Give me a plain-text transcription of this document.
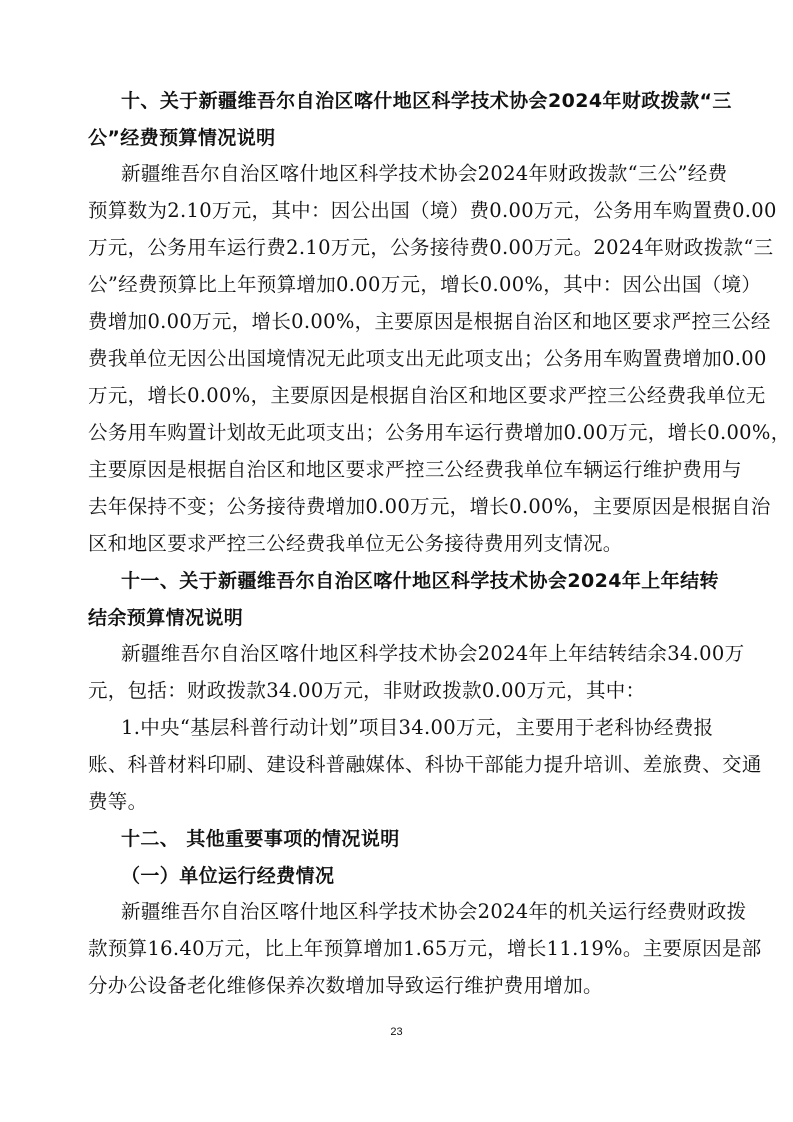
十 、 关 于 新 疆 维 吾 尔 自 治 区 喀 什 地 区 科 学 技 术 协 会 2 0 2 4 年 财 政 拨 款 “ 三
公”经费预算情况说明
新 疆 维 吾 尔 自 治 区 喀 什 地 区 科 学 技 术 协 会 2 0 2 4 年 财 政 拨 款 “ 三 公 ” 经 费
预 算 数 为 2 . 1 0 万 元 ， 其 中 ： 因 公 出 国 （ 境 ） 费 0 . 0 0 万 元 ， 公 务 用 车 购 置 费 0 . 0 0
万 元 ， 公 务 用 车 运 行 费 2 . 1 0 万 元 ， 公 务 接 待 费 0 . 0 0 万 元 。 2 0 2 4 年 财 政 拨 款 “ 三
公 ” 经 费 预 算 比 上 年 预 算 增 加 0 . 0 0 万 元 ， 增 长 0 . 0 0 % ， 其 中 ： 因 公 出 国 （ 境 ）
费 增 加 0 . 0 0 万 元 ， 增 长 0 . 0 0 % ， 主 要 原 因 是 根 据 自 治 区 和 地 区 要 求 严 控 三 公 经
费 我 单 位 无 因 公 出 国 境 情 况 无 此 项 支 出 无 此 项 支 出 ； 公 务 用 车 购 置 费 增 加 0 . 0 0
万 元 ， 增 长 0 . 0 0 % ， 主 要 原 因 是 根 据 自 治 区 和 地 区 要 求 严 控 三 公 经 费 我 单 位 无
公 务 用 车 购 置 计 划 故 无 此 项 支 出 ； 公 务 用 车 运 行 费 增 加 0 . 0 0 万 元 ， 增 长 0 . 0 0 % ，
主 要 原 因 是 根 据 自 治 区 和 地 区 要 求 严 控 三 公 经 费 我 单 位 车 辆 运 行 维 护 费 用 与
去 年 保 持 不 变 ； 公 务 接 待 费 增 加 0 . 0 0 万 元 ， 增 长 0 . 0 0 % ， 主 要 原 因 是 根 据 自 治
区和地区要求严控三公经费我单位无公务接待费用列支情况。
十 一 、 关 于 新 疆 维 吾 尔 自 治 区 喀 什 地 区 科 学 技 术 协 会 2 0 2 4 年 上 年 结 转
结余预算情况说明
新 疆 维 吾 尔 自 治 区 喀 什 地 区 科 学 技 术 协 会 2 0 2 4 年 上 年 结 转 结 余 3 4 . 0 0 万
元，包括：财政拨款34.00万元，非财政拨款0.00万元，其中：
1 . 中 央 “ 基 层 科 普 行 动 计 划 ” 项 目 3 4 . 0 0 万 元 ， 主 要 用 于 老 科 协 经 费 报
账 、 科 普 材 料 印 刷 、 建 设 科 普 融 媒 体 、 科 协 干 部 能 力 提 升 培 训 、 差 旅 费 、 交 通
费等。
十二、 其他重要事项的情况说明
（一）单位运行经费情况
新 疆 维 吾 尔 自 治 区 喀 什 地 区 科 学 技 术 协 会 2 0 2 4 年 的 机 关 运 行 经 费 财 政 拨
款 预 算 1 6 . 4 0 万 元 ， 比 上 年 预 算 增 加 1 . 6 5 万 元 ， 增 长 1 1 . 1 9 % 。 主 要 原 因 是 部
分办公设备老化维修保养次数增加导致运行维护费用增加。
23
